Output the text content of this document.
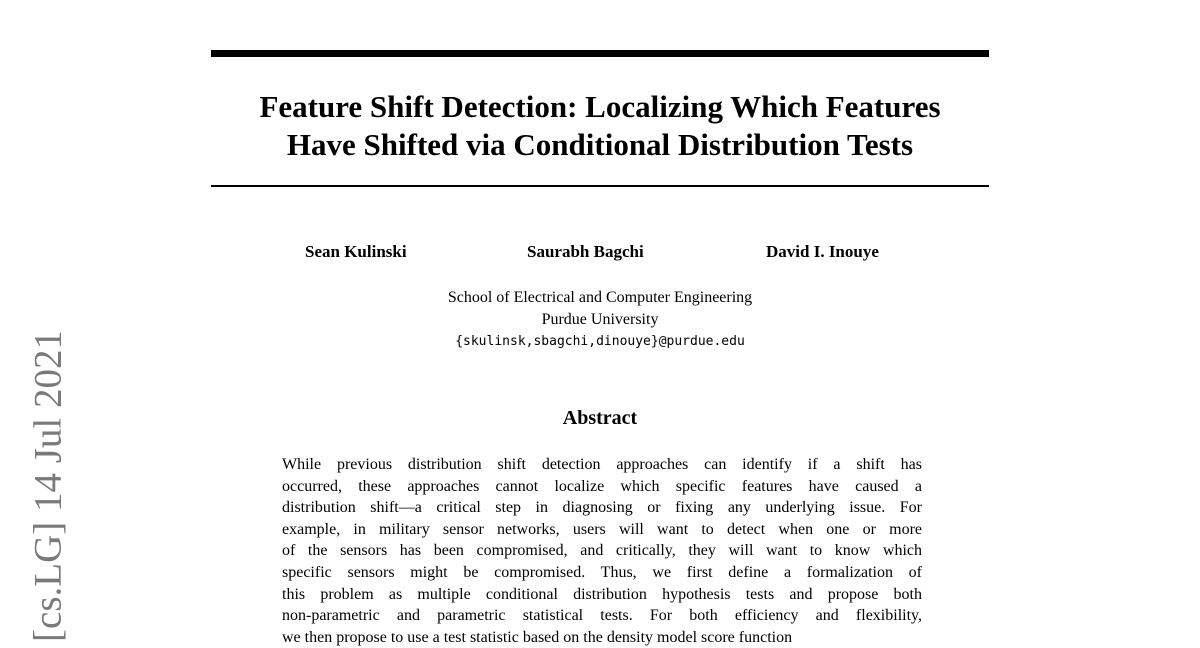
Feature Shift Detection: Localizing Which Features
Have Shifted via Conditional Distribution Tests
Sean Kulinski	Saurabh Bagchi	David I. Inouye
School of Electrical and Computer Engineering
Purdue University
{skulinsk,sbagchi,dinouye}@purdue.edu
Abstract
While previous distribution shift detection approaches can identify if a shift has
occurred, these approaches cannot localize which specific features have caused a
distribution shift—a critical step in diagnosing or fixing any underlying issue. For
example, in military sensor networks, users will want to detect when one or more
of the sensors has been compromised, and critically, they will want to know which
specific sensors might be compromised. Thus, we first define a formalization of
this problem as multiple conditional distribution hypothesis tests and propose both
non-parametric and parametric statistical tests. For both efficiency and flexibility,
we then propose to use a test statistic based on the density model score function
[cs.LG] 14 Jul 2021
